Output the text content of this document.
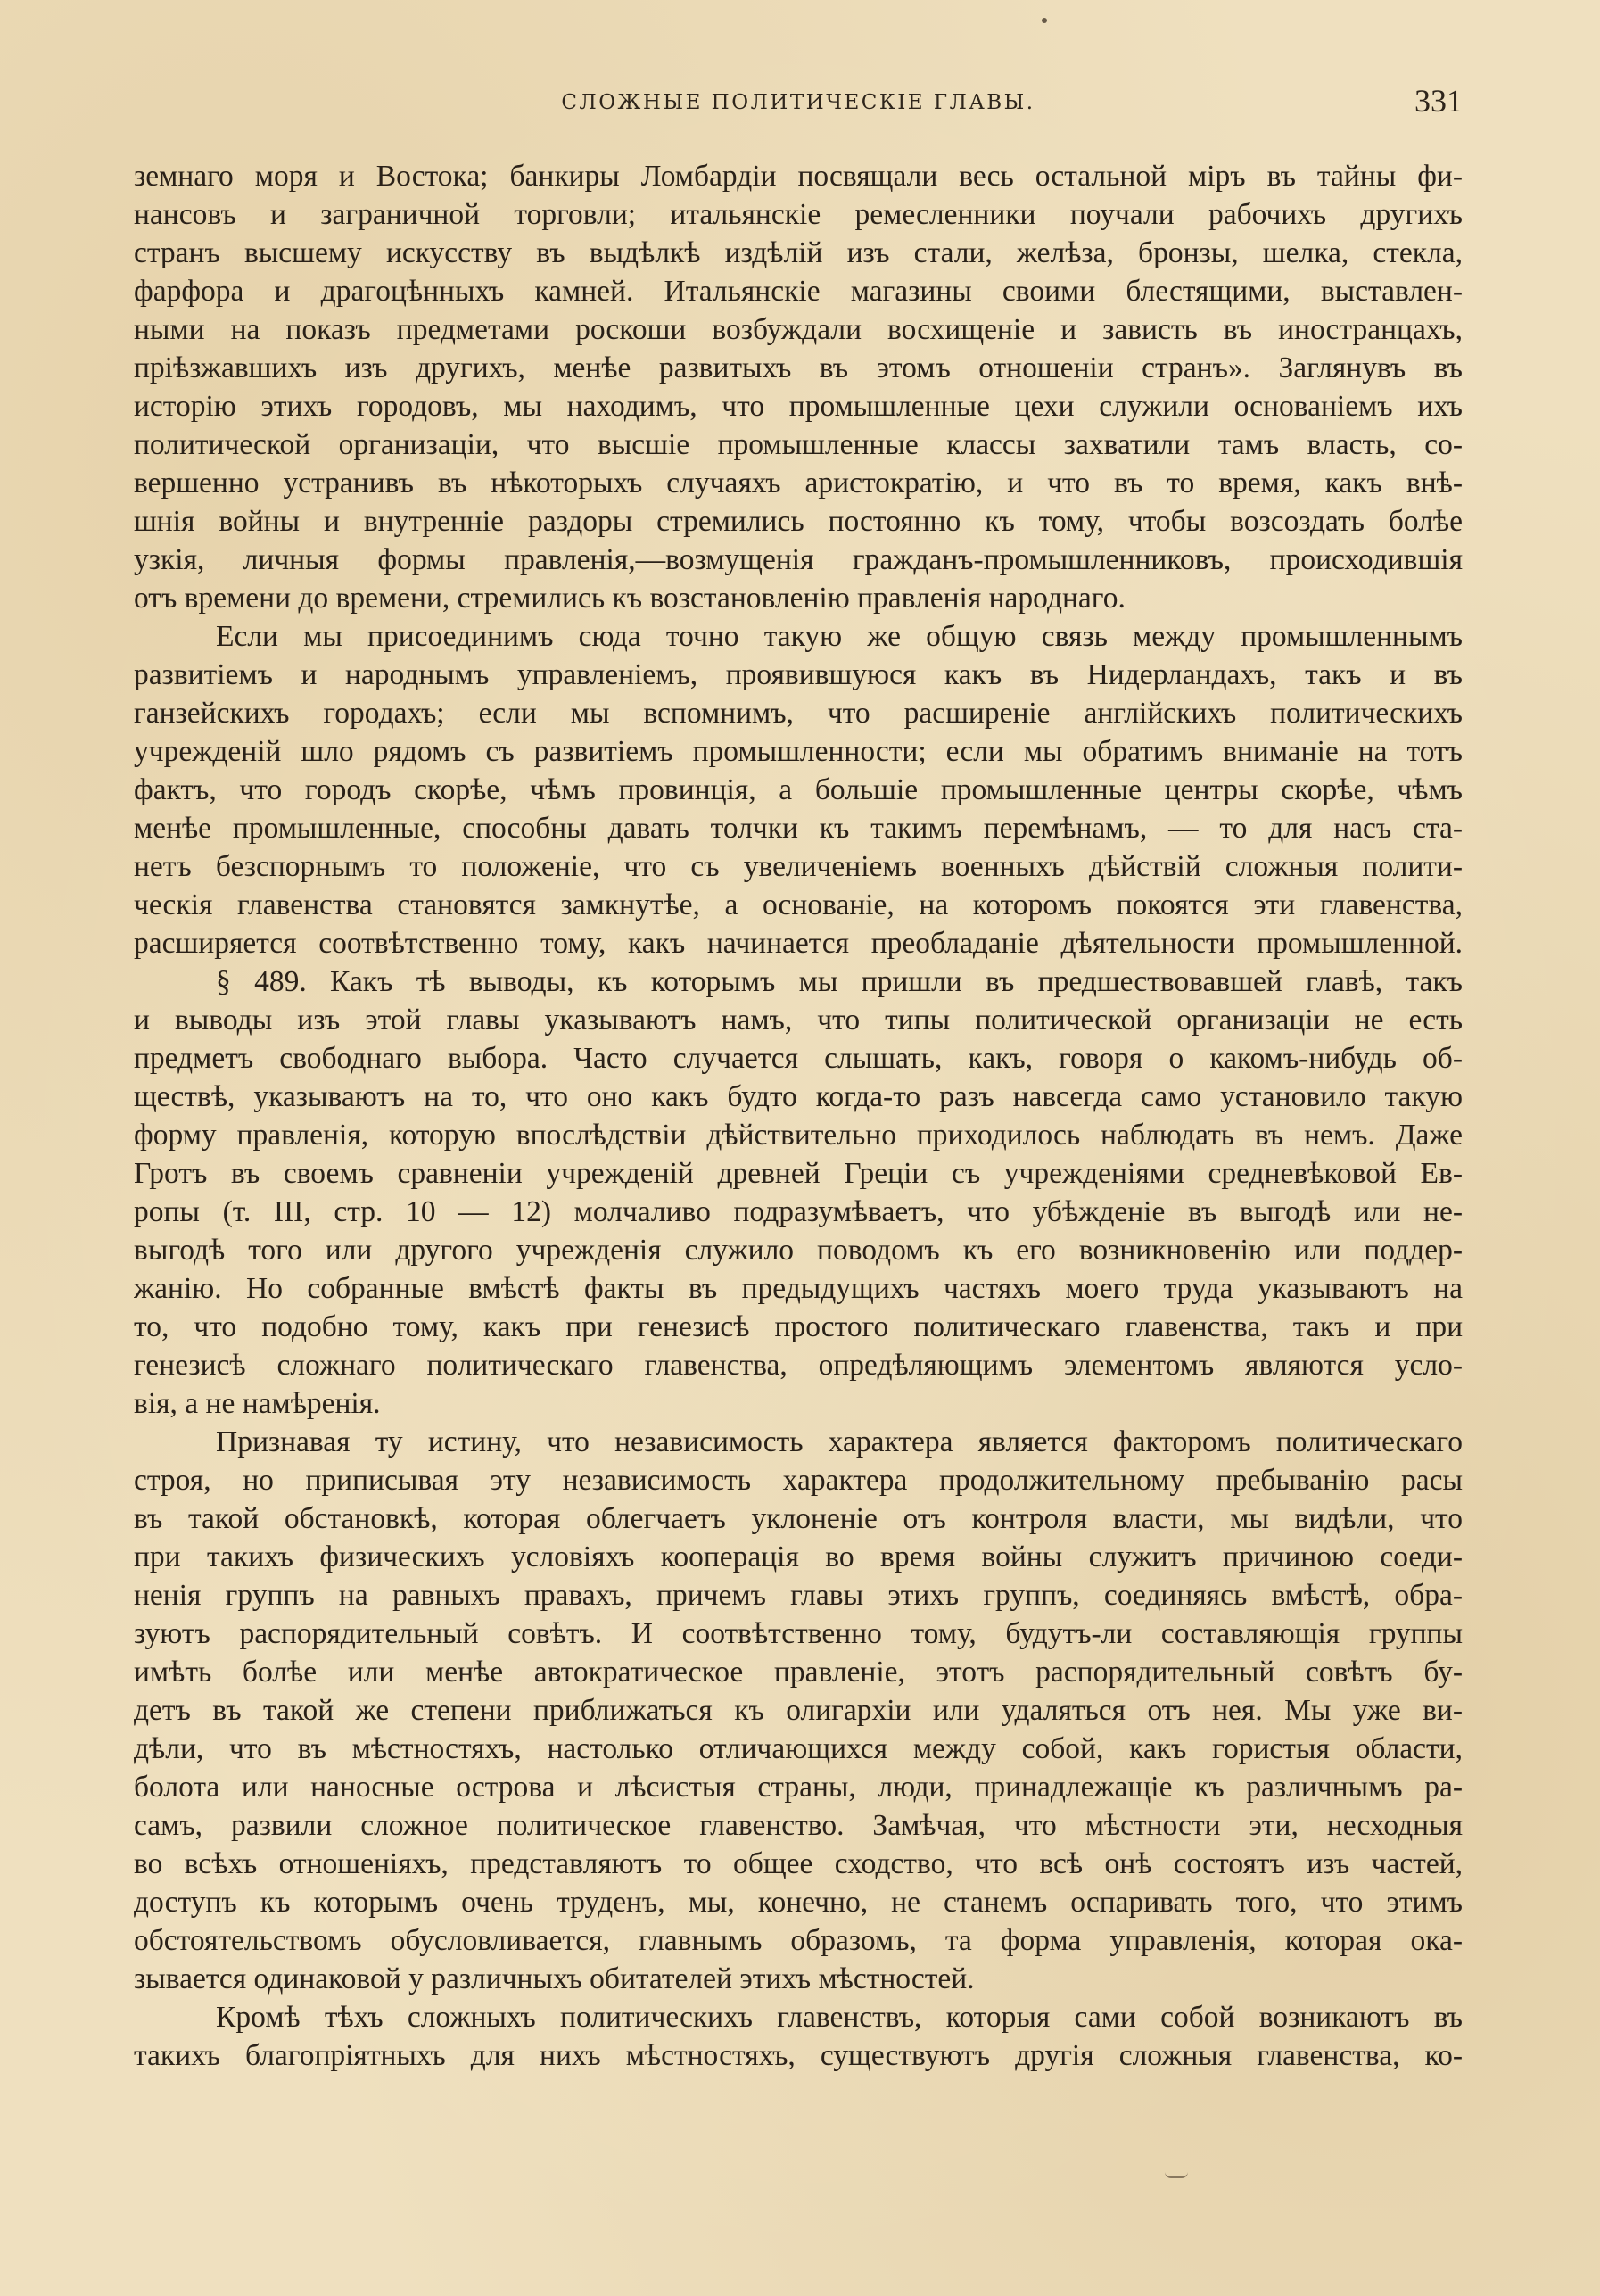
СЛОЖНЫЕ ПОЛИТИЧЕСКІЕ ГЛАВЫ.	331
земнаго моря и Востока; банкиры Ломбардіи посвящали весь остальной міръ въ тайны фи-
нансовъ и заграничной торговли; итальянскіе ремесленники поучали рабочихъ другихъ
странъ высшему искусству въ выдѣлкѣ издѣлій изъ стали, желѣза, бронзы, шелка, стекла,
фарфора и драгоцѣнныхъ камней. Итальянскіе магазины своими блестящими, выставлен-
ными на показъ предметами роскоши возбуждали восхищеніе и зависть въ иностранцахъ,
пріѣзжавшихъ изъ другихъ, менѣе развитыхъ въ этомъ отношеніи странъ». Заглянувъ въ
исторію этихъ городовъ, мы находимъ, что промышленные цехи служили основаніемъ ихъ
политической организаціи, что высшіе промышленные классы захватили тамъ власть, со-
вершенно устранивъ въ нѣкоторыхъ случаяхъ аристократію, и что въ то время, какъ внѣ-
шнія войны и внутренніе раздоры стремились постоянно къ тому, чтобы возсоздать болѣе
узкія, личныя формы правленія,—возмущенія гражданъ-промышленниковъ, происходившія
отъ времени до времени, стремились къ возстановленію правленія народнаго.
Если мы присоединимъ сюда точно такую же общую связь между промышленнымъ
развитіемъ и народнымъ управленіемъ, проявившуюся какъ въ Нидерландахъ, такъ и въ
ганзейскихъ городахъ; если мы вспомнимъ, что расширеніе англійскихъ политическихъ
учрежденій шло рядомъ съ развитіемъ промышленности; если мы обратимъ вниманіе на тотъ
фактъ, что городъ скорѣе, чѣмъ провинція, а большіе промышленные центры скорѣе, чѣмъ
менѣе промышленные, способны давать толчки къ такимъ перемѣнамъ, — то для насъ ста-
нетъ безспорнымъ то положеніе, что съ увеличеніемъ военныхъ дѣйствій сложныя полити-
ческія главенства становятся замкнутѣе, а основаніе, на которомъ покоятся эти главенства,
расширяется соотвѣтственно тому, какъ начинается преобладаніе дѣятельности промышленной.
§ 489. Какъ тѣ выводы, къ которымъ мы пришли въ предшествовавшей главѣ, такъ
и выводы изъ этой главы указываютъ намъ, что типы политической организаціи не есть
предметъ свободнаго выбора. Часто случается слышать, какъ, говоря о какомъ-нибудь об-
ществѣ, указываютъ на то, что оно какъ будто когда-то разъ навсегда само установило такую
форму правленія, которую впослѣдствіи дѣйствительно приходилось наблюдать въ немъ. Даже
Гротъ въ своемъ сравненіи учрежденій древней Греціи съ учрежденіями средневѣковой Ев-
ропы (т. III, стр. 10 — 12) молчаливо подразумѣваетъ, что убѣжденіе въ выгодѣ или не-
выгодѣ того или другого учрежденія служило поводомъ къ его возникновенію или поддер-
жанію. Но собранные вмѣстѣ факты въ предыдущихъ частяхъ моего труда указываютъ на
то, что подобно тому, какъ при генезисѣ простого политическаго главенства, такъ и при
генезисѣ сложнаго политическаго главенства, опредѣляющимъ элементомъ являются усло-
вія, а не намѣренія.
Признавая ту истину, что независимость характера является факторомъ политическаго
строя, но приписывая эту независимость характера продолжительному пребыванію расы
въ такой обстановкѣ, которая облегчаетъ уклоненіе отъ контроля власти, мы видѣли, что
при такихъ физическихъ условіяхъ кооперація во время войны служитъ причиною соеди-
ненія группъ на равныхъ правахъ, причемъ главы этихъ группъ, соединяясь вмѣстѣ, обра-
зуютъ распорядительный совѣтъ. И соотвѣтственно тому, будутъ-ли составляющія группы
имѣть болѣе или менѣе автократическое правленіе, этотъ распорядительный совѣтъ бу-
детъ въ такой же степени приближаться къ олигархіи или удаляться отъ нея. Мы уже ви-
дѣли, что въ мѣстностяхъ, настолько отличающихся между собой, какъ гористыя области,
болота или наносные острова и лѣсистыя страны, люди, принадлежащіе къ различнымъ ра-
самъ, развили сложное политическое главенство. Замѣчая, что мѣстности эти, несходныя
во всѣхъ отношеніяхъ, представляютъ то общее сходство, что всѣ онѣ состоятъ изъ частей,
доступъ къ которымъ очень труденъ, мы, конечно, не станемъ оспаривать того, что этимъ
обстоятельствомъ обусловливается, главнымъ образомъ, та форма управленія, которая ока-
зывается одинаковой у различныхъ обитателей этихъ мѣстностей.
Кромѣ тѣхъ сложныхъ политическихъ главенствъ, которыя сами собой возникаютъ въ
такихъ благопріятныхъ для нихъ мѣстностяхъ, существуютъ другія сложныя главенства, ко-
